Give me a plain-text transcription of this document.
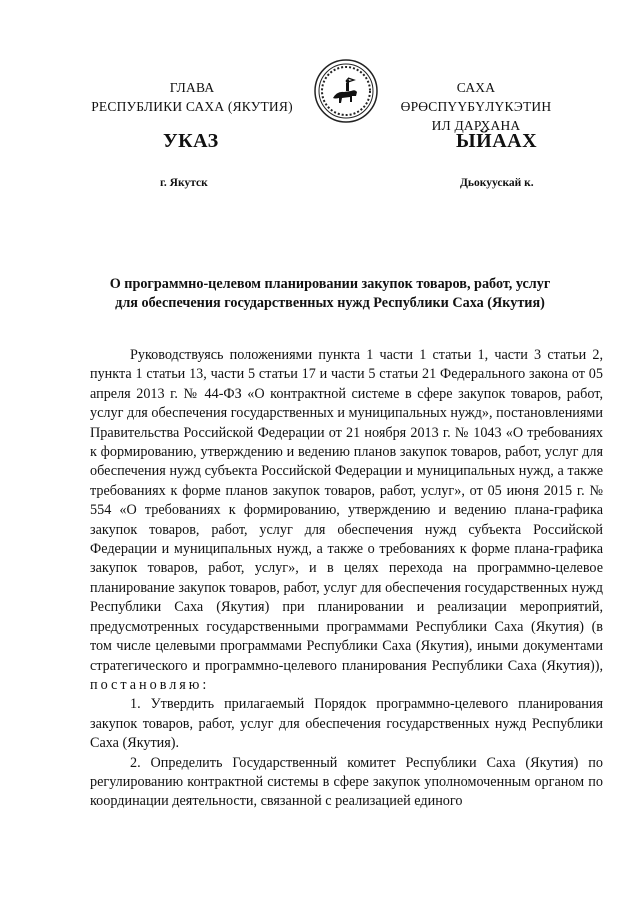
ГЛАВА
РЕСПУБЛИКИ САХА (ЯКУТИЯ)
САХА ӨРӨСПҮҮБҮЛҮКЭТИН
ИЛ ДАРХАНА
УКАЗ	ЫЙААХ
г. Якутск	Дьокуускай к.
О программно-целевом планировании закупок товаров, работ, услуг
для обеспечения государственных нужд Республики Саха (Якутия)

Руководствуясь положениями пункта 1 части 1 статьи 1, части 3 статьи 2, пункта 1 статьи 13, части 5 статьи 17 и части 5 статьи 21 Федерального закона от 05 апреля 2013 г. № 44-ФЗ «О контрактной системе в сфере закупок товаров, работ, услуг для обеспечения государственных и муниципальных нужд», постановлениями Правительства Российской Федерации от 21 ноября 2013 г. № 1043 «О требованиях к формированию, утверждению и ведению планов закупок товаров, работ, услуг для обеспечения нужд субъекта Российской Федерации и муниципальных нужд, а также требованиях к форме планов закупок товаров, работ, услуг», от 05 июня 2015 г. № 554 «О требованиях к формированию, утверждению и ведению плана-графика закупок товаров, работ, услуг для обеспечения нужд субъекта Российской Федерации и муниципальных нужд, а также о требованиях к форме плана-графика закупок товаров, работ, услуг», и в целях перехода на программно-целевое планирование закупок товаров, работ, услуг для обеспечения государственных нужд Республики Саха (Якутия) при планировании и реализации мероприятий, предусмотренных государственными программами Республики Саха (Якутия) (в том числе целевыми программами Республики Саха (Якутия), иными документами стратегического и программно-целевого планирования Республики Саха (Якутия)), постановляю:

1. Утвердить прилагаемый Порядок программно-целевого планирования закупок товаров, работ, услуг для обеспечения государственных нужд Республики Саха (Якутия).

2. Определить Государственный комитет Республики Саха (Якутия) по регулированию контрактной системы в сфере закупок уполномоченным органом по координации деятельности, связанной с реализацией единого
